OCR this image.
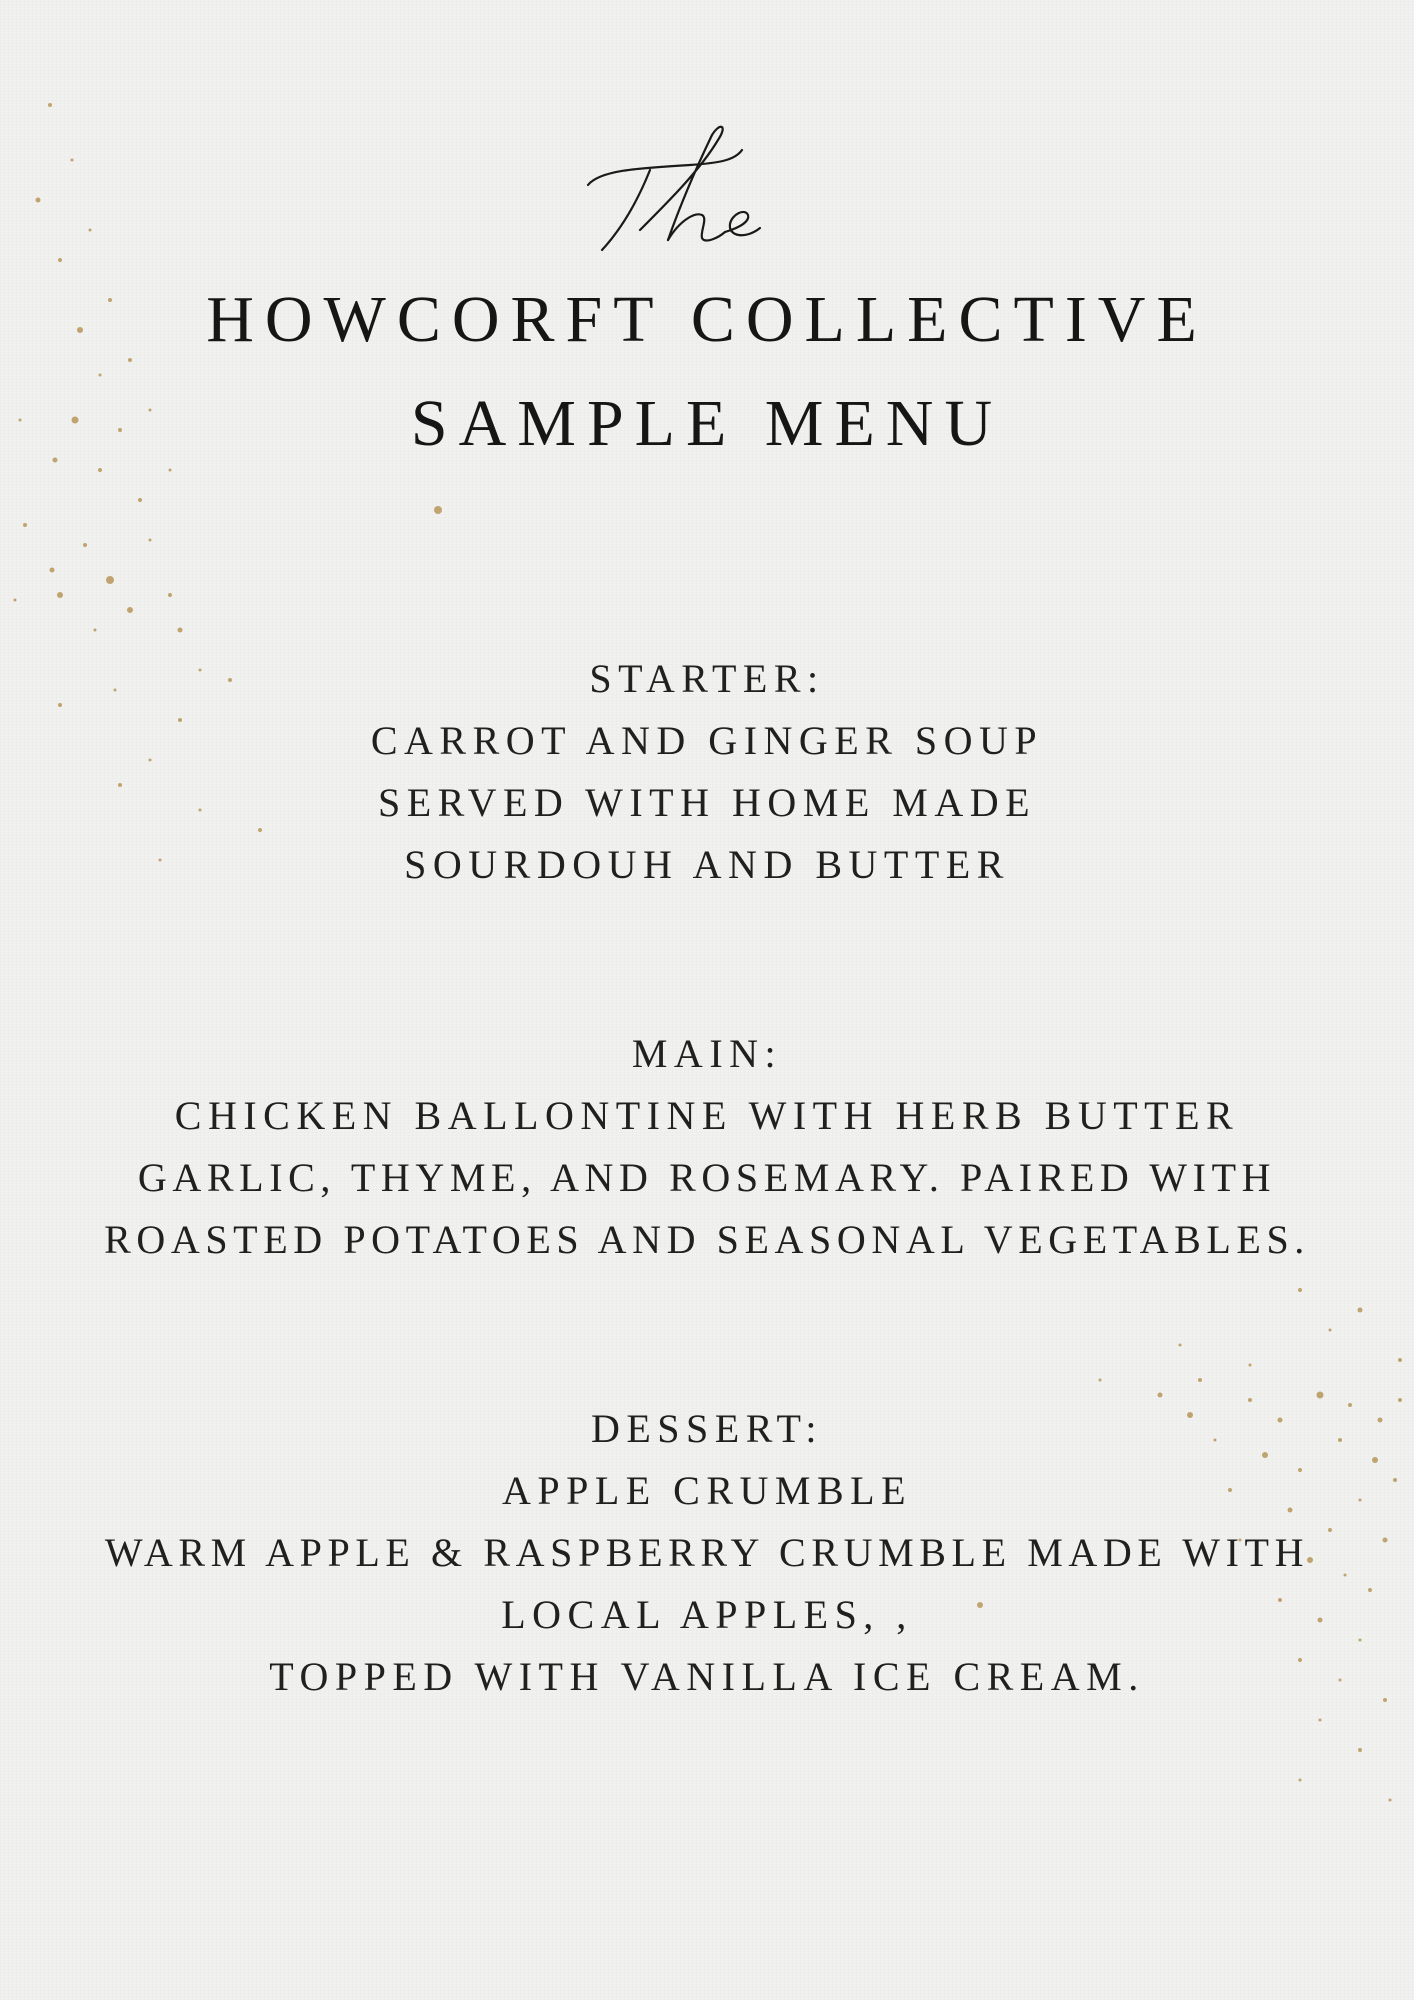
HOWCORFT COLLECTIVE
SAMPLE MENU
STARTER:
CARROT AND GINGER SOUP
SERVED WITH HOME MADE
SOURDOUH AND BUTTER
MAIN:
CHICKEN BALLONTINE WITH HERB BUTTER
GARLIC, THYME, AND ROSEMARY. PAIRED WITH
ROASTED POTATOES AND SEASONAL VEGETABLES.
DESSERT:
APPLE CRUMBLE
WARM APPLE & RASPBERRY CRUMBLE MADE WITH
LOCAL APPLES, ,
TOPPED WITH VANILLA ICE CREAM.
